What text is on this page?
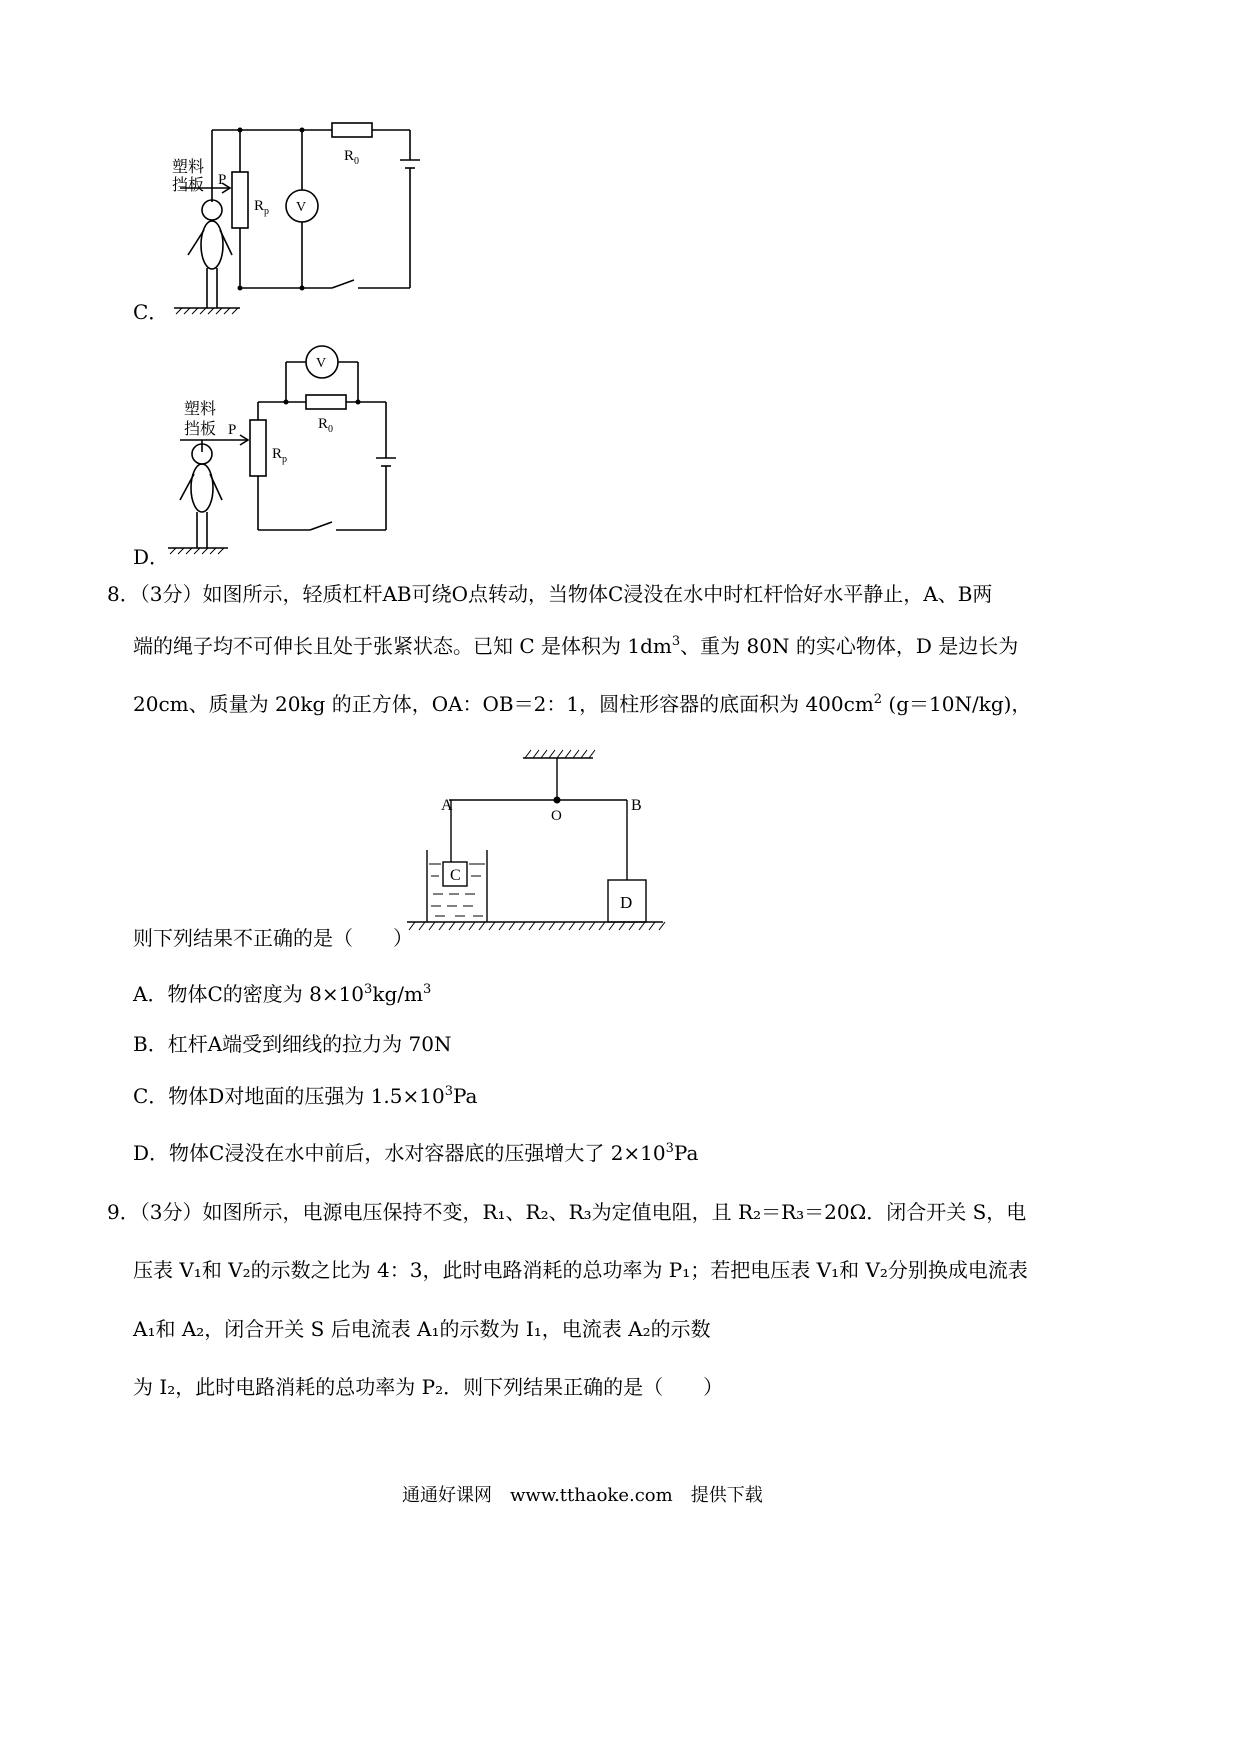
塑料
挡板 P
R p
R 0
V
C．
塑料
挡板 P
R p
R 0
V
D．
8．（3分）如图所示，轻质杠杆AB可绕O点转动，当物体C浸没在水中时杠杆恰好水平静止，A、B两
端的绳子均不可伸长且处于张紧状态。已知 C 是体积为 $1dm^3$、重为 80N 的实心物体，D 是边长为
20cm、质量为 20kg 的正方体，OA：OB＝2：1，圆柱形容器的底面积为 $400cm^2$ (g＝10N/kg)，
A	B
O
C
D
则下列结果不正确的是（　　）
A．物体C的密度为 $8\times 10^3kg/m^3$
B．杠杆A端受到细线的拉力为 70N
C．物体D对地面的压强为 $1.5\times 10^3Pa$
D．物体C浸没在水中前后，水对容器底的压强增大了 $2\times 10^3Pa$
9．（3分）如图所示，电源电压保持不变，R₁、R₂、R₃为定值电阻，且 R₂＝R₃＝20Ω．闭合开关 S，电
压表 V₁和 V₂的示数之比为 4：3，此时电路消耗的总功率为 P₁；若把电压表 V₁和 V₂分别换成电流表
A₁和 A₂，闭合开关 S 后电流表 A₁的示数为 I₁，电流表 A₂的示数
为 I₂，此时电路消耗的总功率为 P₂．则下列结果正确的是（　　）
通通好课网　www.tthaoke.com　提供下载
